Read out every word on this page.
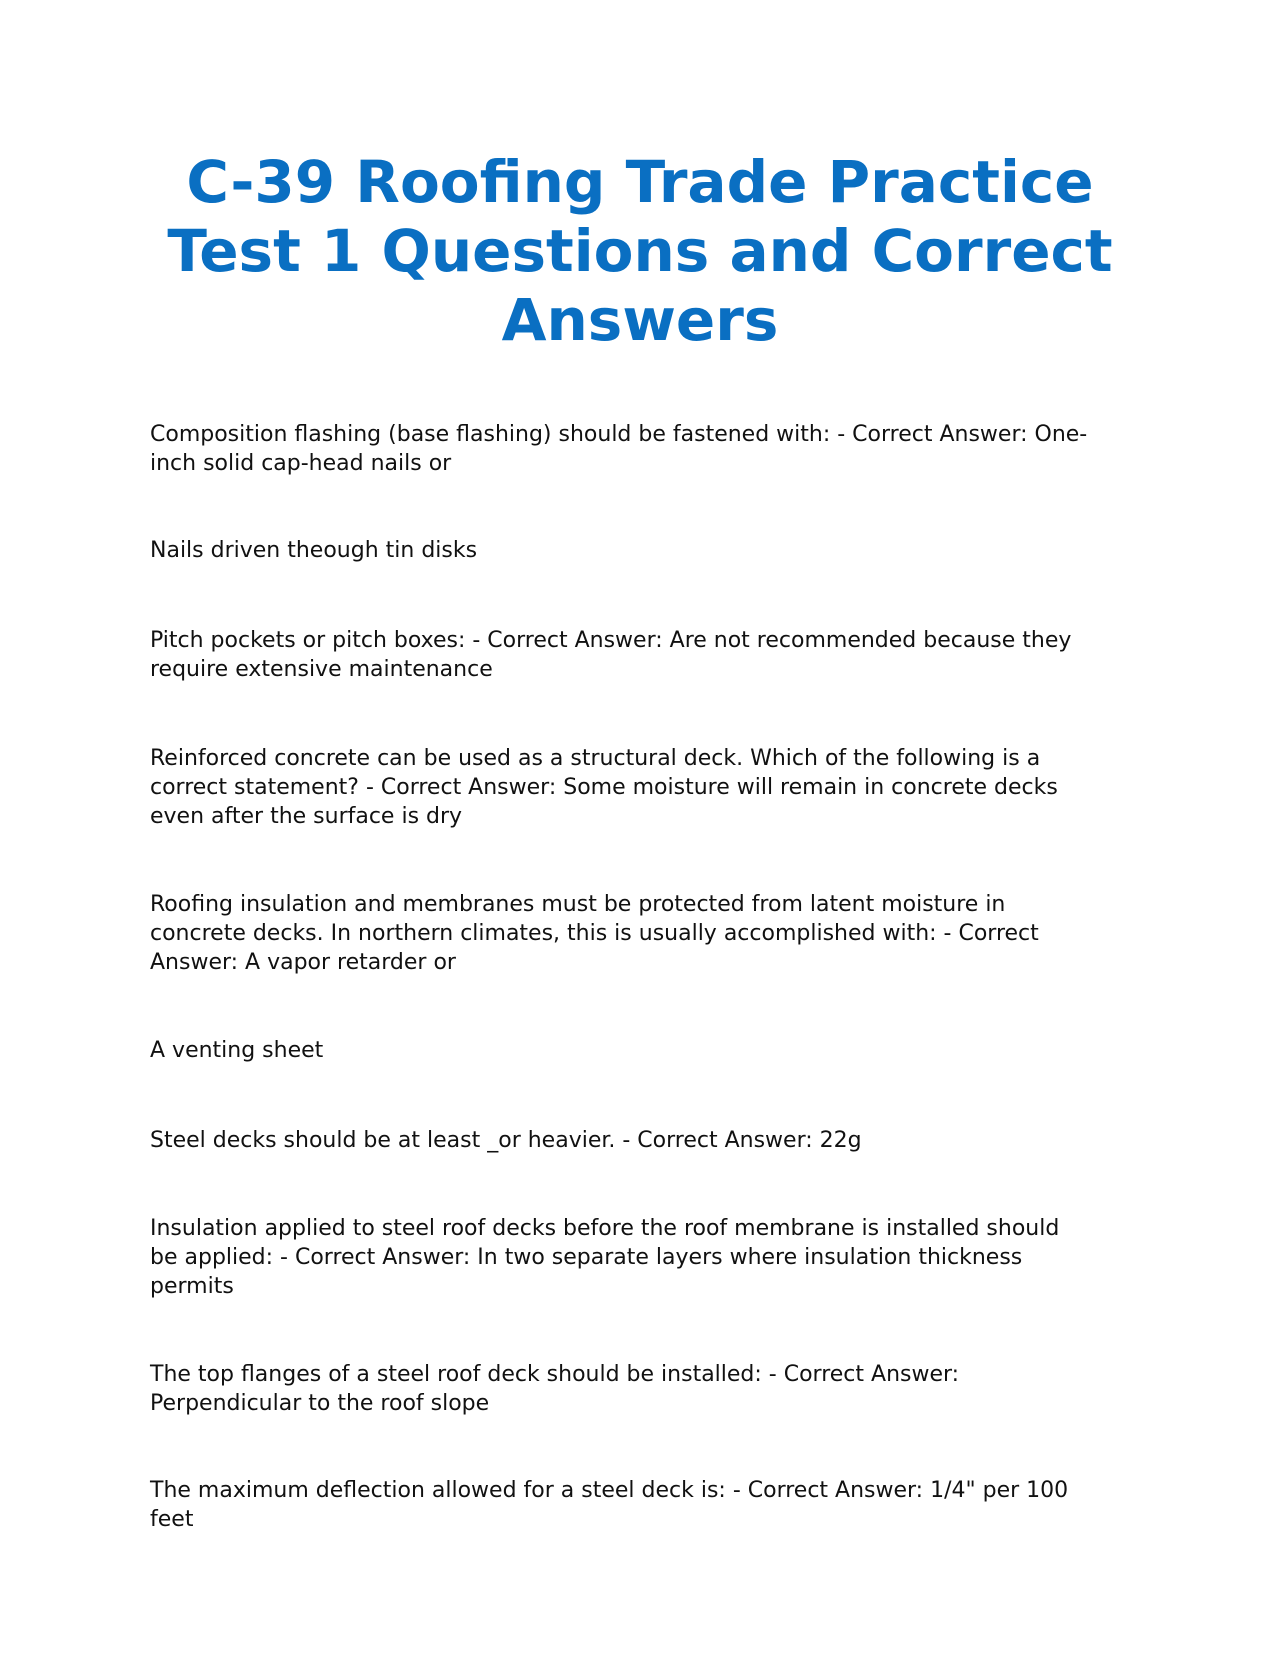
C-39 Roofing Trade Practice
Test 1 Questions and Correct
Answers

Composition flashing (base flashing) should be fastened with: - Correct Answer: One-
inch solid cap-head nails or

Nails driven theough tin disks

Pitch pockets or pitch boxes: - Correct Answer: Are not recommended because they
require extensive maintenance

Reinforced concrete can be used as a structural deck. Which of the following is a
correct statement? - Correct Answer: Some moisture will remain in concrete decks
even after the surface is dry

Roofing insulation and membranes must be protected from latent moisture in
concrete decks. In northern climates, this is usually accomplished with: - Correct
Answer: A vapor retarder or

A venting sheet

Steel decks should be at least _or heavier. - Correct Answer: 22g

Insulation applied to steel roof decks before the roof membrane is installed should
be applied: - Correct Answer: In two separate layers where insulation thickness
permits

The top flanges of a steel roof deck should be installed: - Correct Answer:
Perpendicular to the roof slope

The maximum deflection allowed for a steel deck is: - Correct Answer: 1/4" per 100
feet
